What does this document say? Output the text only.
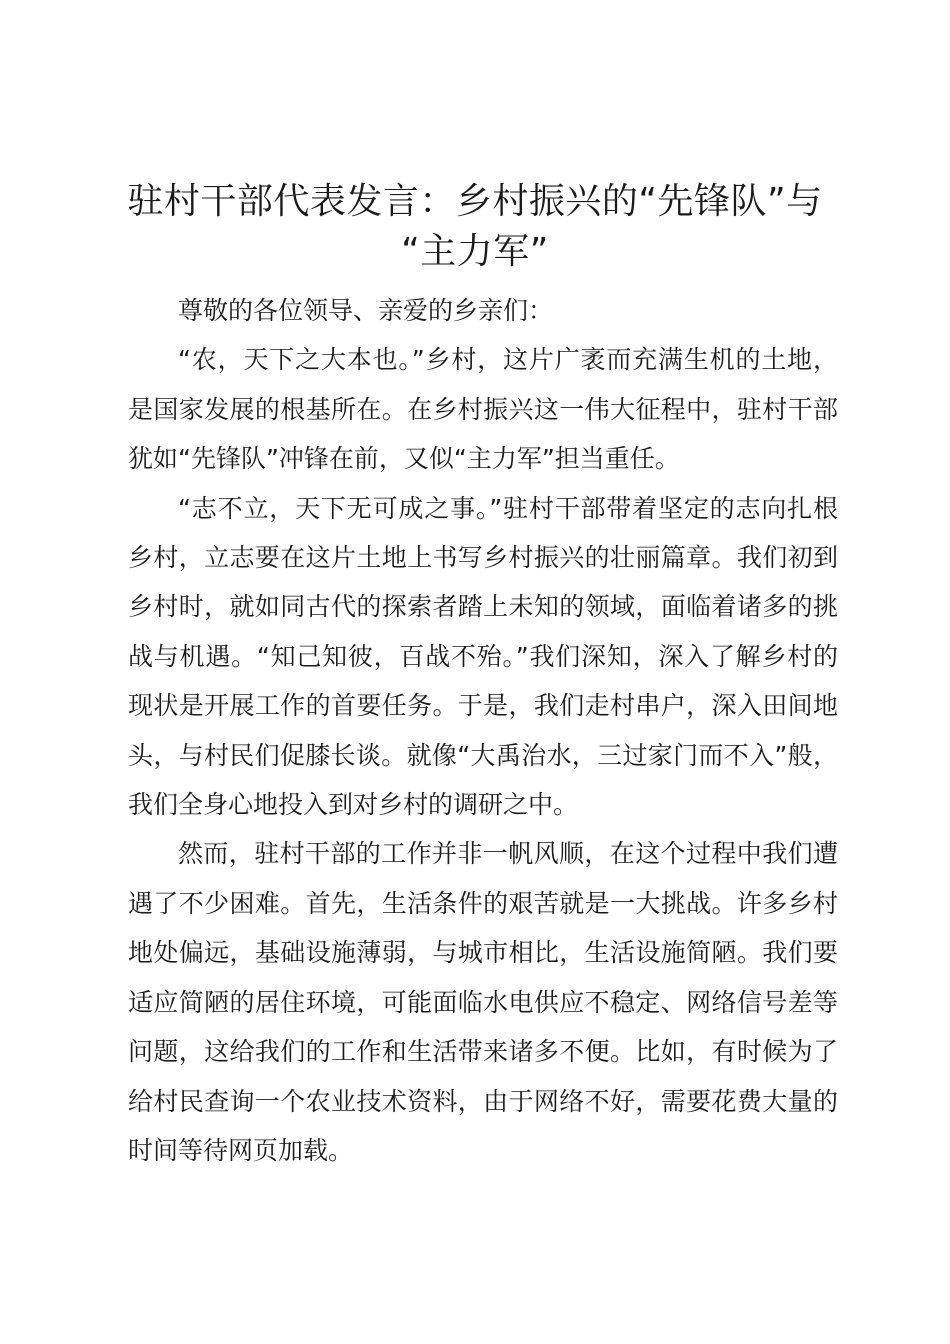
驻村干部代表发言：乡村振兴的“先锋队”与
“主力军”

尊敬的各位领导、亲爱的乡亲们：

“农，天下之大本也。”乡村，这片广袤而充满生机的土地，是国家发展的根基所在。在乡村振兴这一伟大征程中，驻村干部犹如“先锋队”冲锋在前，又似“主力军”担当重任。

“志不立，天下无可成之事。”驻村干部带着坚定的志向扎根乡村，立志要在这片土地上书写乡村振兴的壮丽篇章。我们初到乡村时，就如同古代的探索者踏上未知的领域，面临着诸多的挑战与机遇。“知己知彼，百战不殆。”我们深知，深入了解乡村的现状是开展工作的首要任务。于是，我们走村串户，深入田间地头，与村民们促膝长谈。就像“大禹治水，三过家门而不入”般，我们全身心地投入到对乡村的调研之中。

然而，驻村干部的工作并非一帆风顺，在这个过程中我们遭遇了不少困难。首先，生活条件的艰苦就是一大挑战。许多乡村地处偏远，基础设施薄弱，与城市相比，生活设施简陋。我们要适应简陋的居住环境，可能面临水电供应不稳定、网络信号差等问题，这给我们的工作和生活带来诸多不便。比如，有时候为了给村民查询一个农业技术资料，由于网络不好，需要花费大量的时间等待网页加载。
